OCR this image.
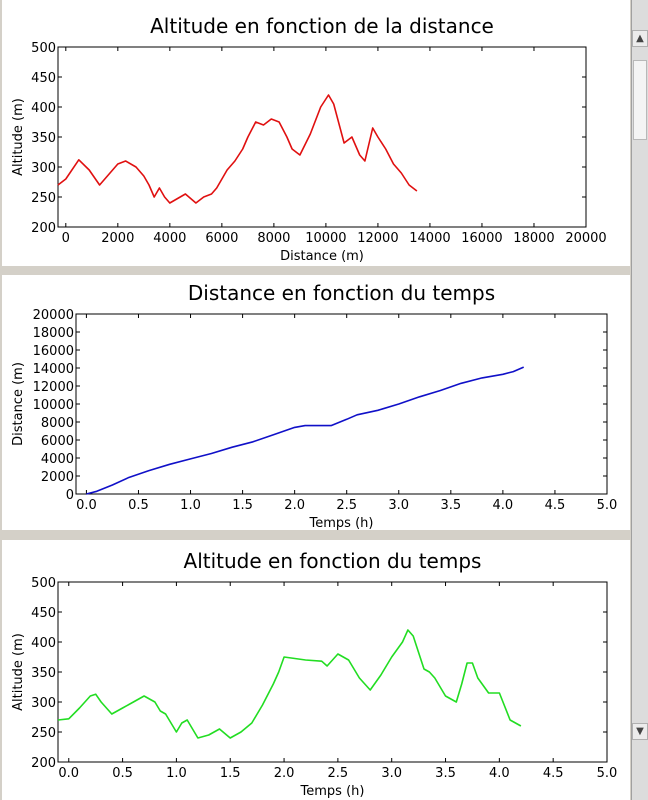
Altitude en fonction de la distance
0 2000 4000 6000 8000 10000 12000 14000 16000 18000 20000
200
250
300
350
400
450
500
Distance (m)
Altitude (m)
Distance en fonction du temps
0.0 0.5 1.0 1.5 2.0 2.5 3.0 3.5 4.0 4.5 5.0
0
2000
4000
6000
8000
10000
12000
14000
16000
18000
20000
Temps (h)
Distance (m)
Altitude en fonction du temps
0.0	0.5	1.0	1.5	2.0	2.5	3.0	3.5	4.0	4.5	5.0
200
250
300
350
400
450
500
Temps (h)
Altitude (m)
▲
▼
